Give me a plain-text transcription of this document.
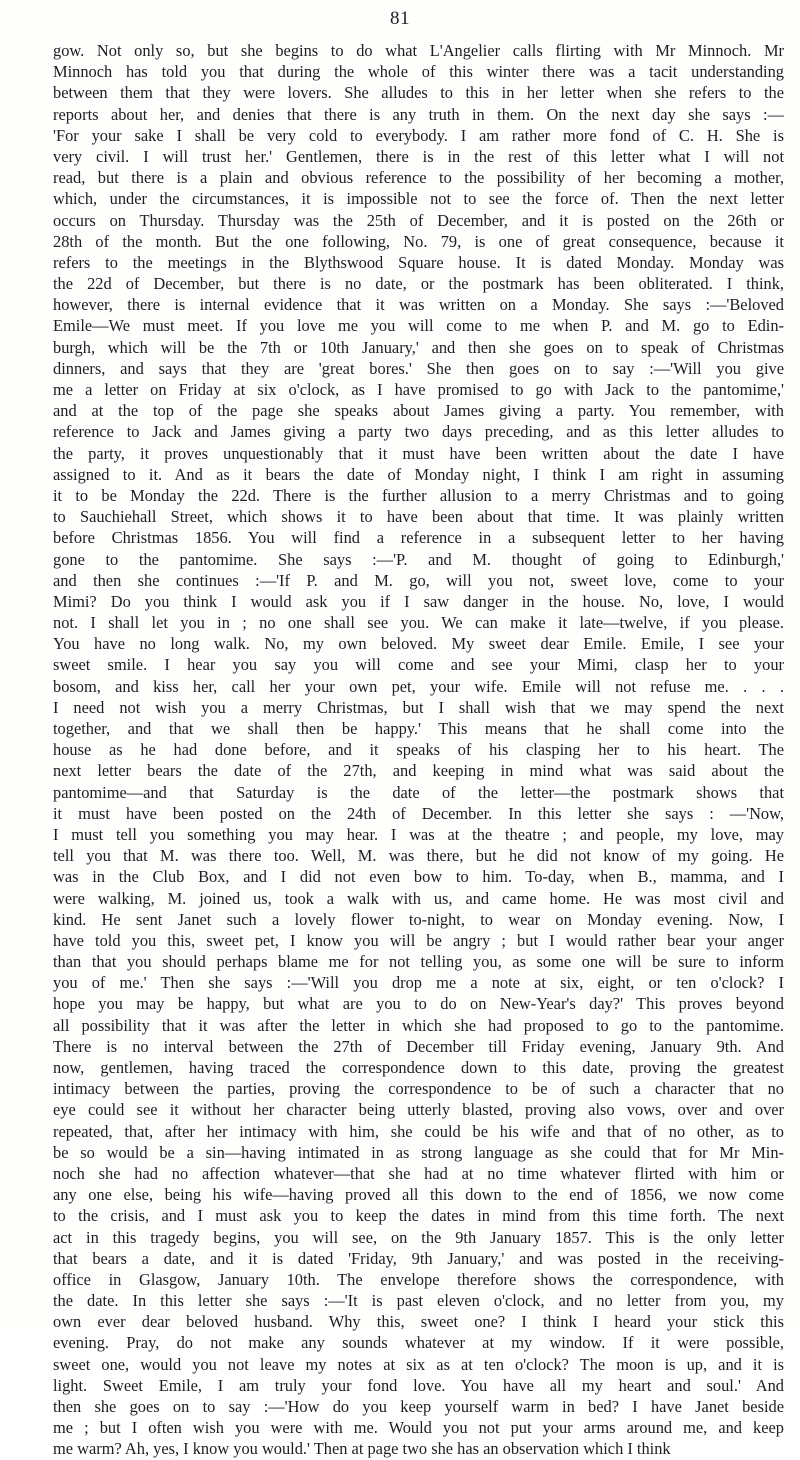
81
gow. Not only so, but she begins to do what L'Angelier calls flirting with Mr Minnoch. Mr
Minnoch has told you that during the whole of this winter there was a tacit understanding
between them that they were lovers. She alludes to this in her letter when she refers to the
reports about her, and denies that there is any truth in them. On the next day she says :—
'For your sake I shall be very cold to everybody. I am rather more fond of C. H. She is
very civil. I will trust her.' Gentlemen, there is in the rest of this letter what I will not
read, but there is a plain and obvious reference to the possibility of her becoming a mother,
which, under the circumstances, it is impossible not to see the force of. Then the next letter
occurs on Thursday. Thursday was the 25th of December, and it is posted on the 26th or
28th of the month. But the one following, No. 79, is one of great consequence, because it
refers to the meetings in the Blythswood Square house. It is dated Monday. Monday was
the 22d of December, but there is no date, or the postmark has been obliterated. I think,
however, there is internal evidence that it was written on a Monday. She says :—'Beloved
Emile—We must meet. If you love me you will come to me when P. and M. go to Edin-
burgh, which will be the 7th or 10th January,' and then she goes on to speak of Christmas
dinners, and says that they are 'great bores.' She then goes on to say :—'Will you give
me a letter on Friday at six o'clock, as I have promised to go with Jack to the pantomime,'
and at the top of the page she speaks about James giving a party. You remember, with
reference to Jack and James giving a party two days preceding, and as this letter alludes to
the party, it proves unquestionably that it must have been written about the date I have
assigned to it. And as it bears the date of Monday night, I think I am right in assuming
it to be Monday the 22d. There is the further allusion to a merry Christmas and to going
to Sauchiehall Street, which shows it to have been about that time. It was plainly written
before Christmas 1856. You will find a reference in a subsequent letter to her having
gone to the pantomime. She says :—'P. and M. thought of going to Edinburgh,'
and then she continues :—'If P. and M. go, will you not, sweet love, come to your
Mimi? Do you think I would ask you if I saw danger in the house. No, love, I would
not. I shall let you in ; no one shall see you. We can make it late—twelve, if you please.
You have no long walk. No, my own beloved. My sweet dear Emile. Emile, I see your
sweet smile. I hear you say you will come and see your Mimi, clasp her to your
bosom, and kiss her, call her your own pet, your wife. Emile will not refuse me. . . .
I need not wish you a merry Christmas, but I shall wish that we may spend the next
together, and that we shall then be happy.' This means that he shall come into the
house as he had done before, and it speaks of his clasping her to his heart. The
next letter bears the date of the 27th, and keeping in mind what was said about the
pantomime—and that Saturday is the date of the letter—the postmark shows that
it must have been posted on the 24th of December. In this letter she says : —'Now,
I must tell you something you may hear. I was at the theatre ; and people, my love, may
tell you that M. was there too. Well, M. was there, but he did not know of my going. He
was in the Club Box, and I did not even bow to him. To-day, when B., mamma, and I
were walking, M. joined us, took a walk with us, and came home. He was most civil and
kind. He sent Janet such a lovely flower to-night, to wear on Monday evening. Now, I
have told you this, sweet pet, I know you will be angry ; but I would rather bear your anger
than that you should perhaps blame me for not telling you, as some one will be sure to inform
you of me.' Then she says :—'Will you drop me a note at six, eight, or ten o'clock? I
hope you may be happy, but what are you to do on New-Year's day?' This proves beyond
all possibility that it was after the letter in which she had proposed to go to the pantomime.
There is no interval between the 27th of December till Friday evening, January 9th. And
now, gentlemen, having traced the correspondence down to this date, proving the greatest
intimacy between the parties, proving the correspondence to be of such a character that no
eye could see it without her character being utterly blasted, proving also vows, over and over
repeated, that, after her intimacy with him, she could be his wife and that of no other, as to
be so would be a sin—having intimated in as strong language as she could that for Mr Min-
noch she had no affection whatever—that she had at no time whatever flirted with him or
any one else, being his wife—having proved all this down to the end of 1856, we now come
to the crisis, and I must ask you to keep the dates in mind from this time forth. The next
act in this tragedy begins, you will see, on the 9th January 1857. This is the only letter
that bears a date, and it is dated 'Friday, 9th January,' and was posted in the receiving-
office in Glasgow, January 10th. The envelope therefore shows the correspondence, with
the date. In this letter she says :—'It is past eleven o'clock, and no letter from you, my
own ever dear beloved husband. Why this, sweet one? I think I heard your stick this
evening. Pray, do not make any sounds whatever at my window. If it were possible,
sweet one, would you not leave my notes at six as at ten o'clock? The moon is up, and it is
light. Sweet Emile, I am truly your fond love. You have all my heart and soul.' And
then she goes on to say :—'How do you keep yourself warm in bed? I have Janet beside
me ; but I often wish you were with me. Would you not put your arms around me, and keep
me warm? Ah, yes, I know you would.' Then at page two she has an observation which I think
